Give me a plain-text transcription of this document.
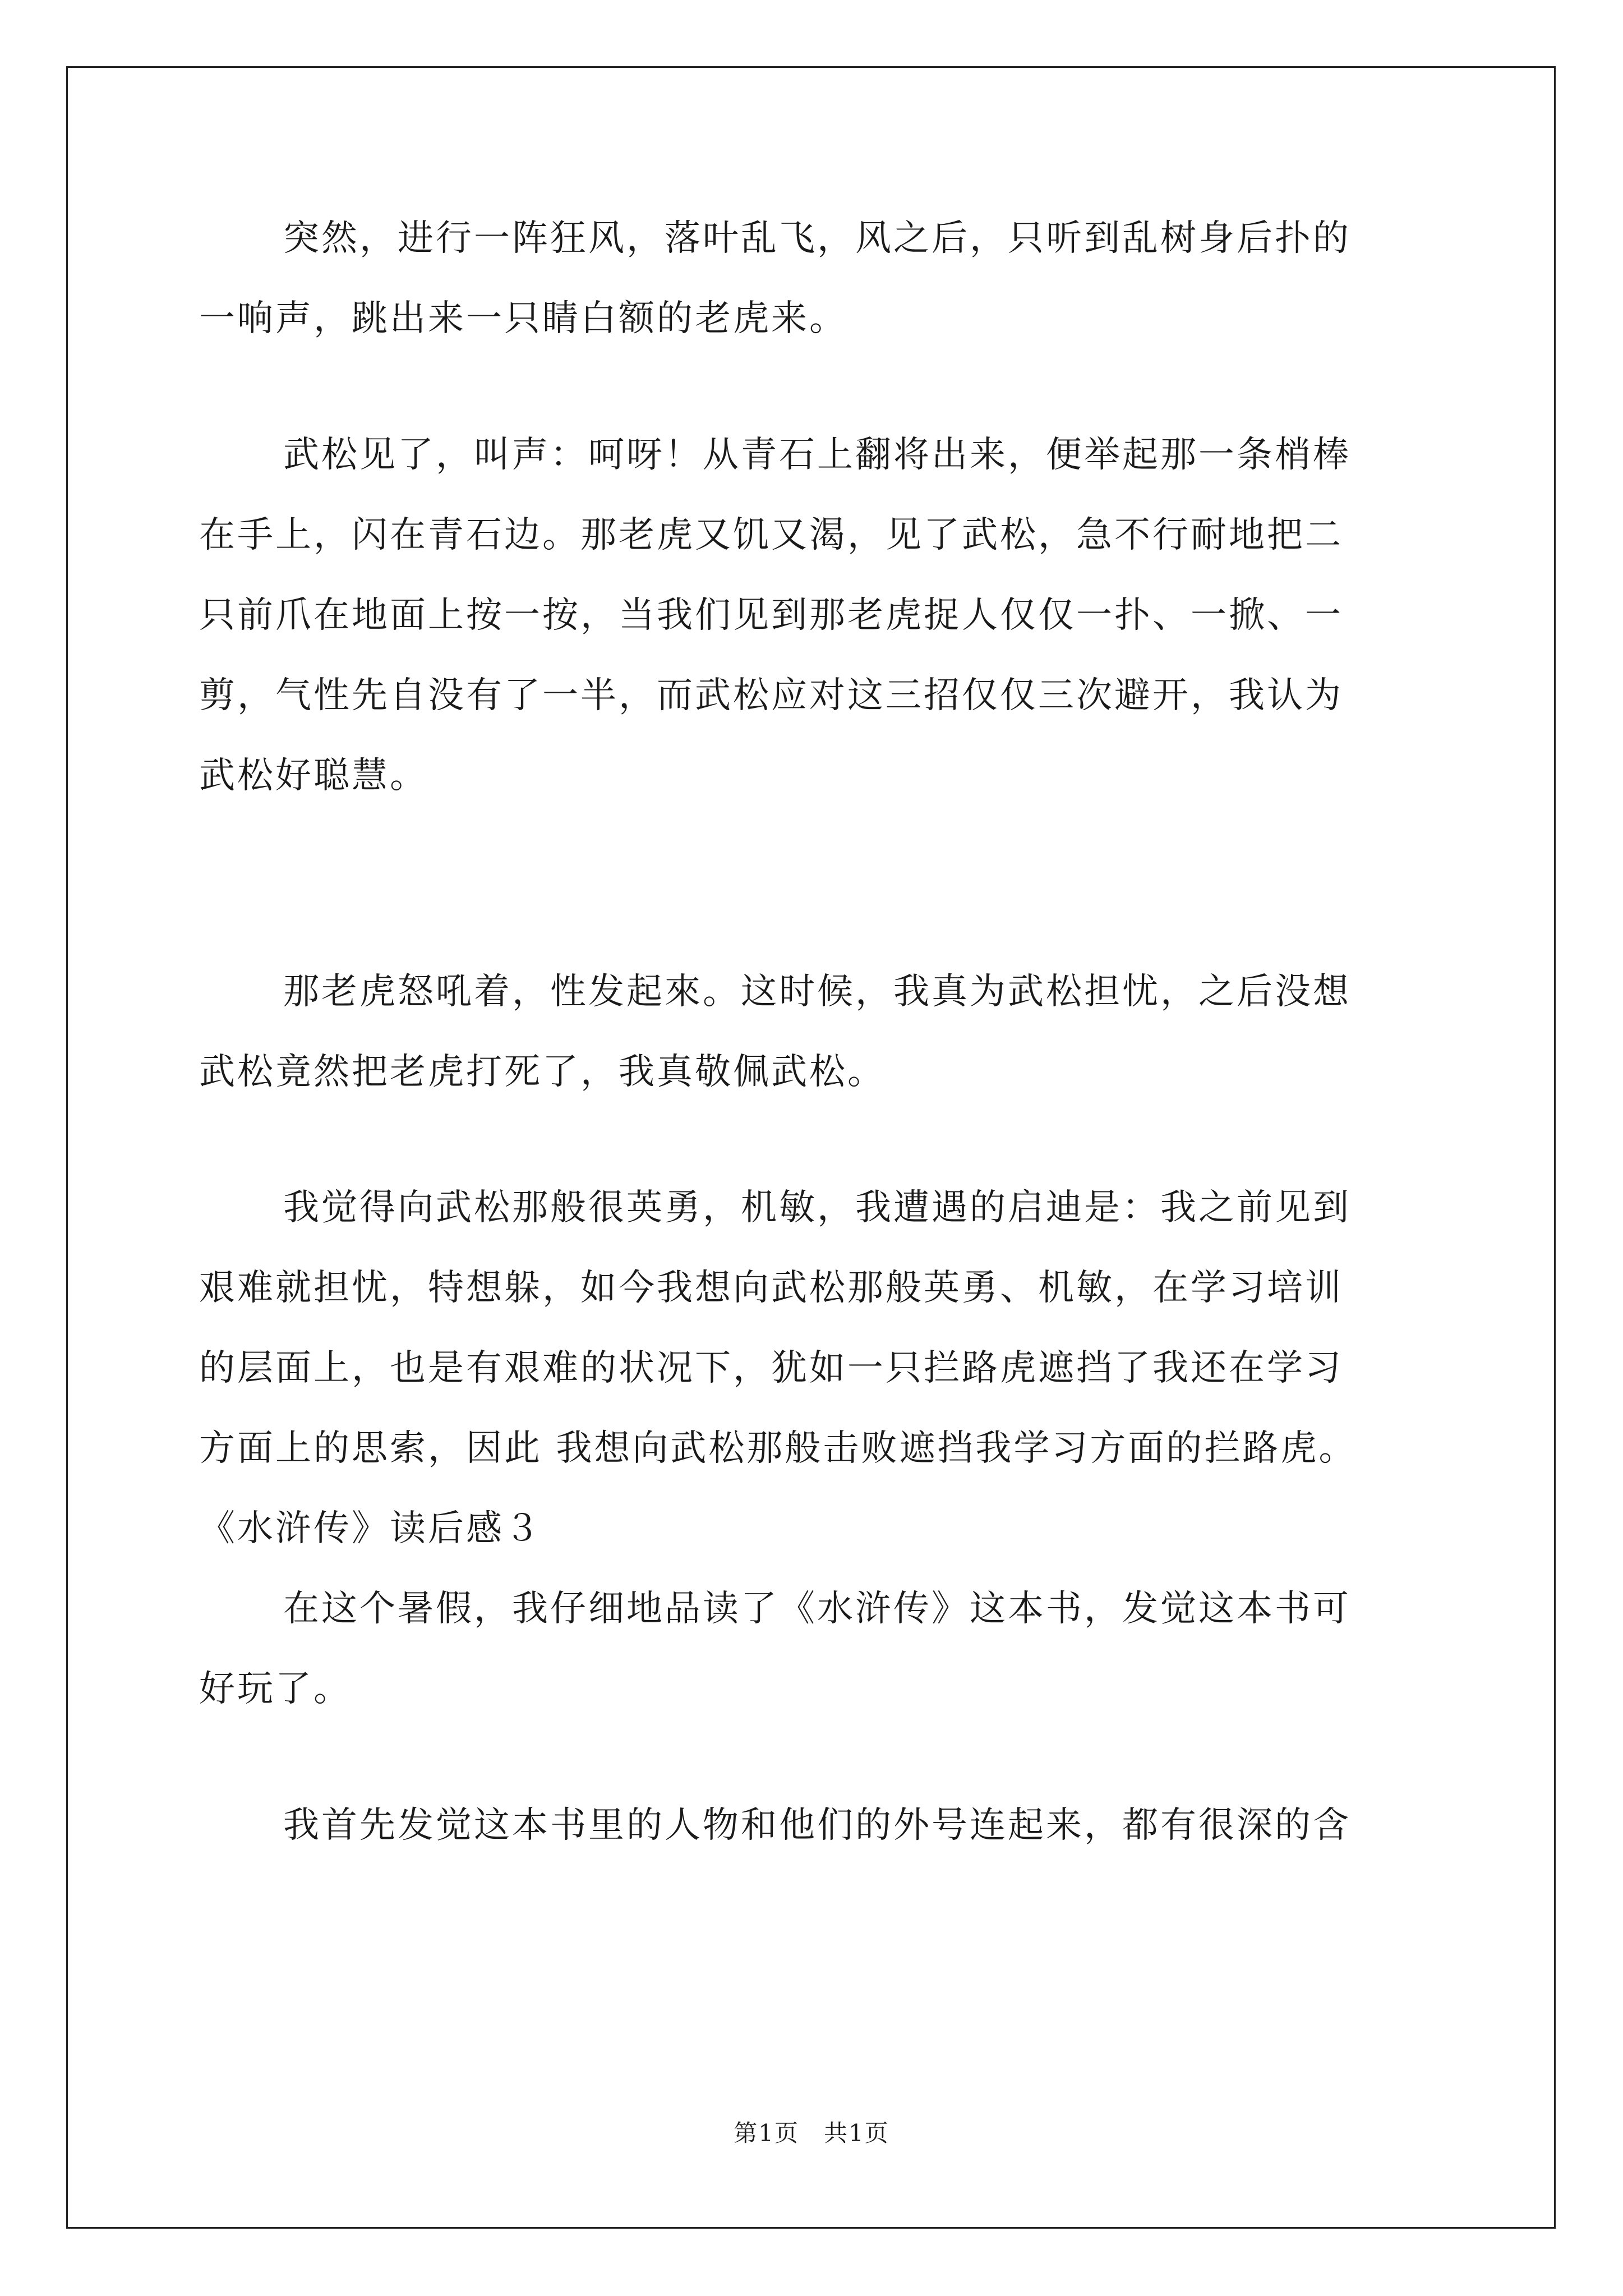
突然，进行一阵狂风，落叶乱飞，风之后，只听到乱树身后扑的
一响声，跳出来一只睛白额的老虎来。
武松见了，叫声：呵呀！从青石上翻将出来，便举起那一条梢棒
在手上，闪在青石边。那老虎又饥又渴，见了武松，急不行耐地把二
只前爪在地面上按一按，当我们见到那老虎捉人仅仅一扑、一掀、一
剪，气性先自没有了一半，而武松应对这三招仅仅三次避开，我认为
武松好聪慧。
那老虎怒吼着，性发起來。这时候，我真为武松担忧，之后没想
武松竟然把老虎打死了，我真敬佩武松。
我觉得向武松那般很英勇，机敏，我遭遇的启迪是：我之前见到
艰难就担忧，特想躲，如今我想向武松那般英勇、机敏，在学习培训
的层面上，也是有艰难的状况下，犹如一只拦路虎遮挡了我还在学习
方面上的思索，因此 我想向武松那般击败遮挡我学习方面的拦路虎。
《水浒传》读后感３
在这个暑假，我仔细地品读了《水浒传》这本书，发觉这本书可
好玩了。
我首先发觉这本书里的人物和他们的外号连起来，都有很深的含
第1页　共1页
